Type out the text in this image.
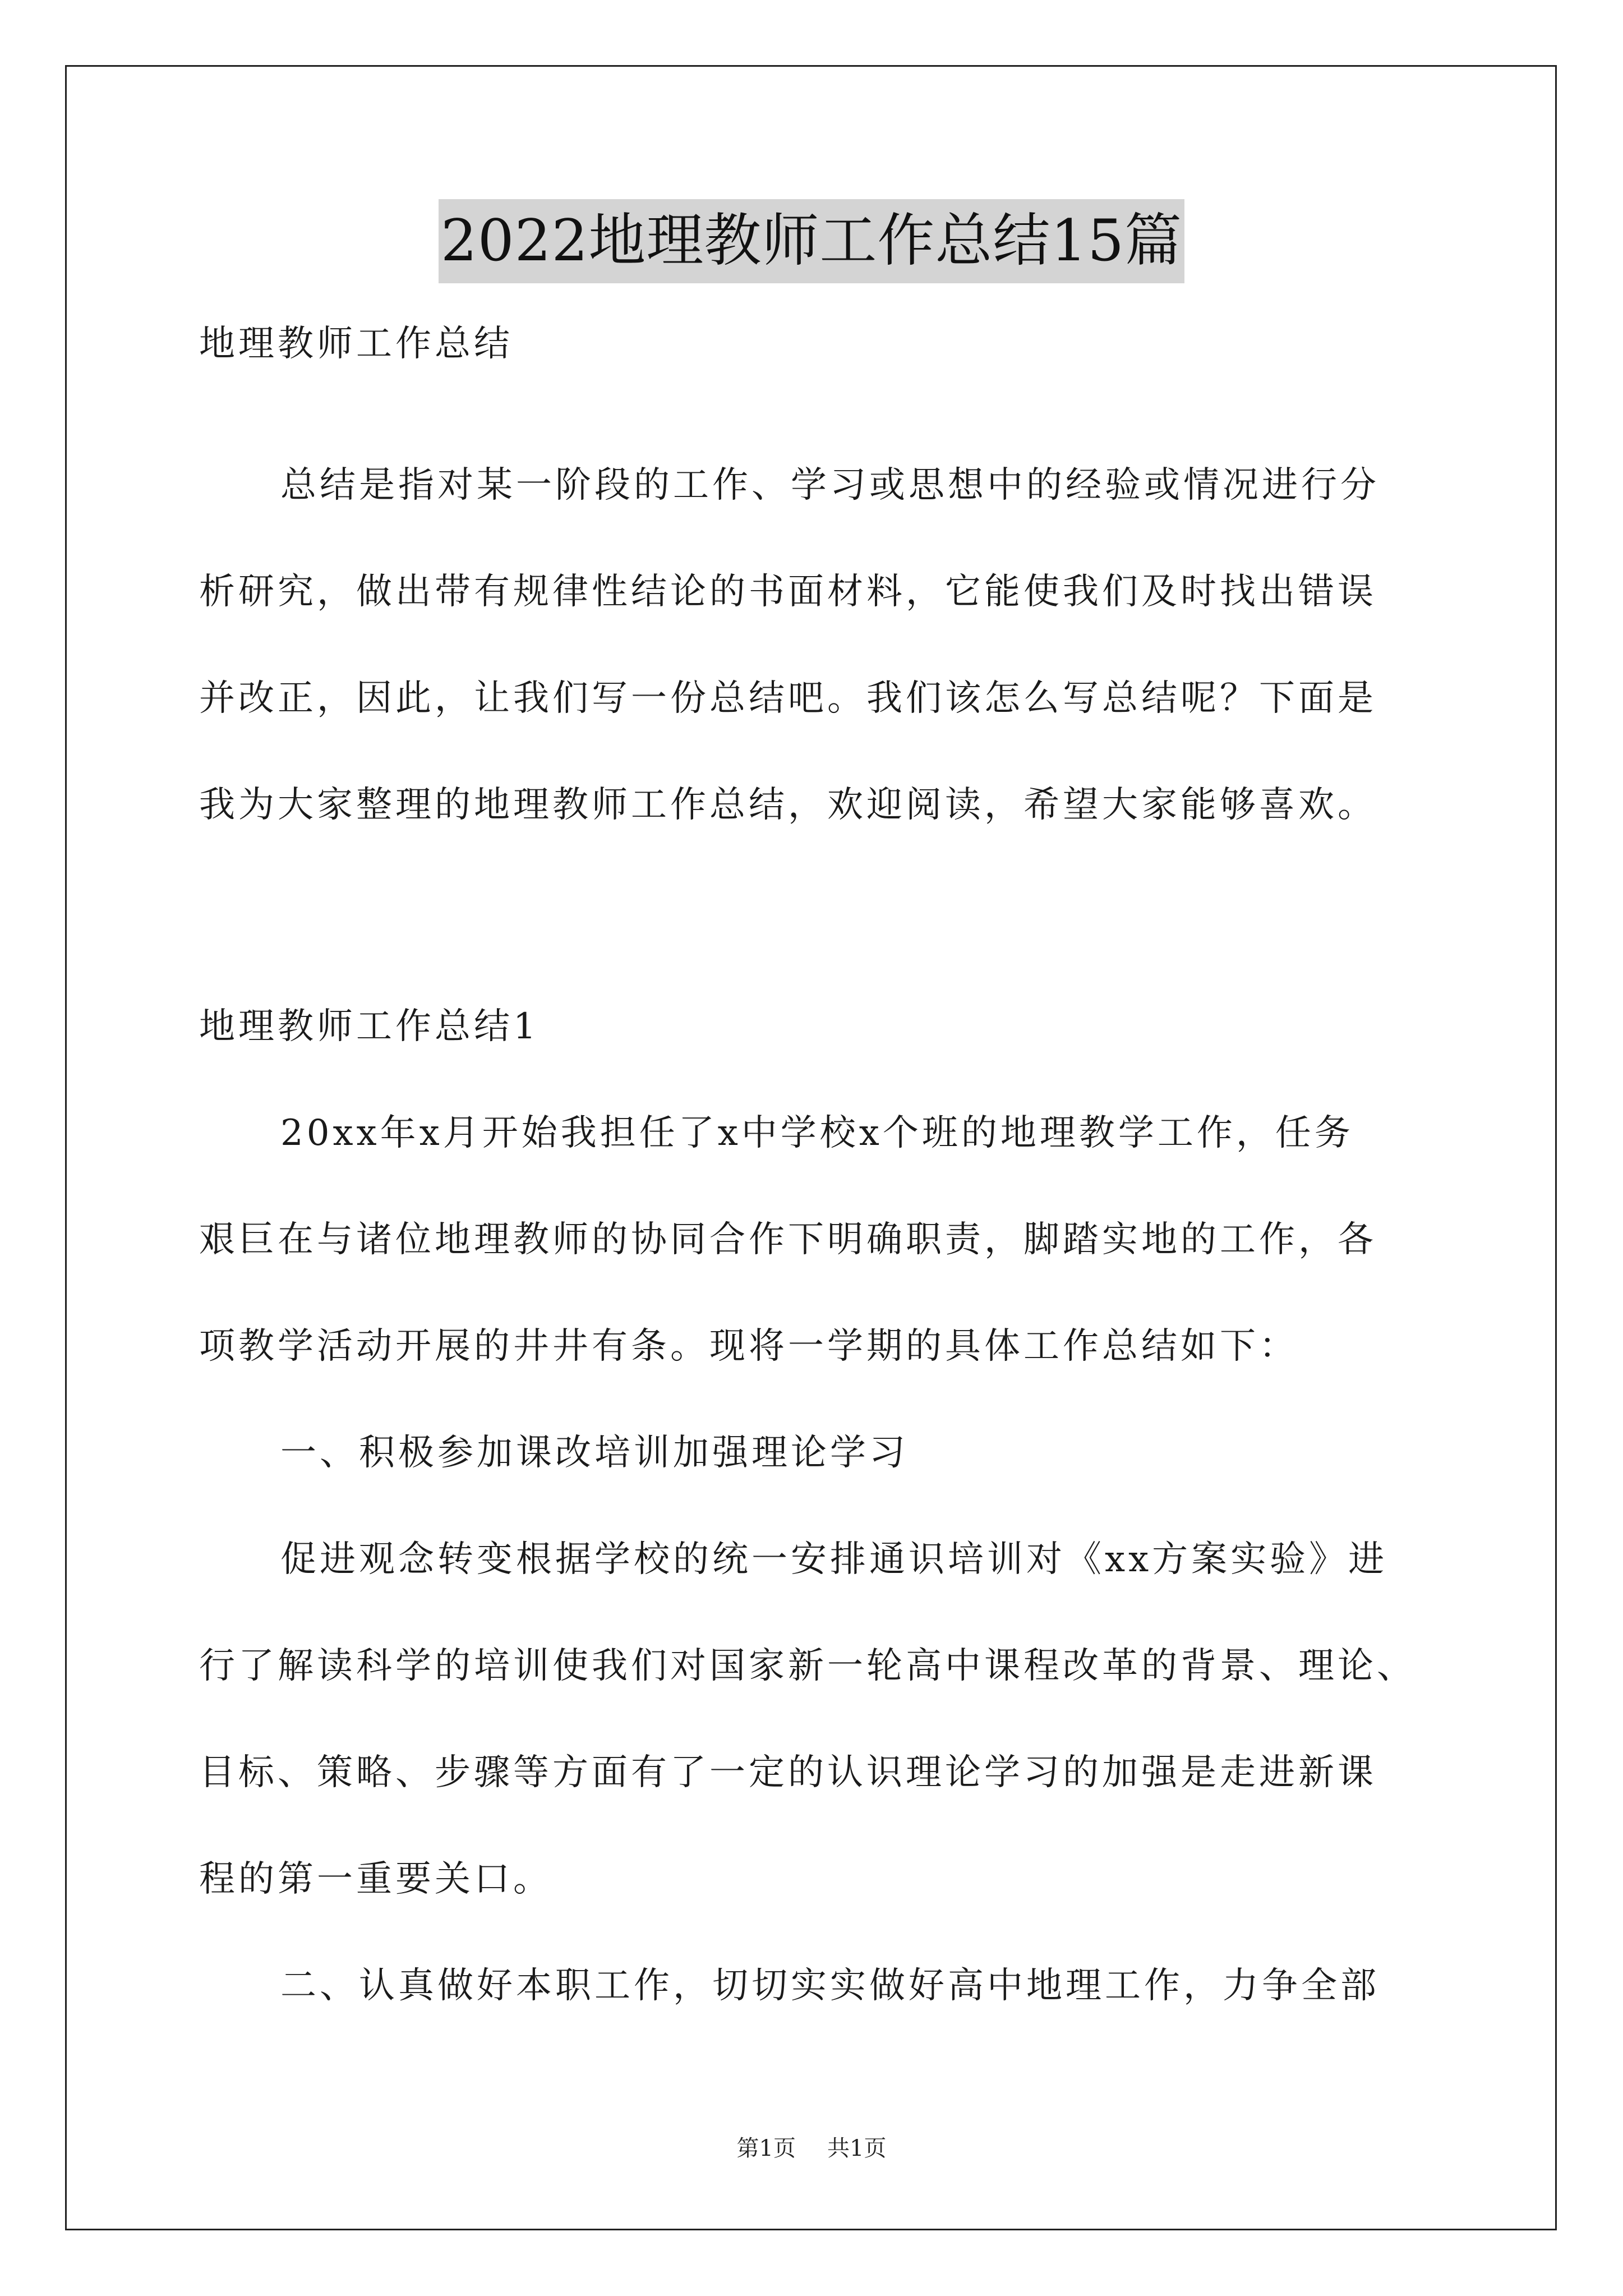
2022地理教师工作总结15篇
地理教师工作总结
总结是指对某一阶段的工作、学习或思想中的经验或情况进行分
析研究，做出带有规律性结论的书面材料，它能使我们及时找出错误
并改正，因此，让我们写一份总结吧。我们该怎么写总结呢？下面是
我为大家整理的地理教师工作总结，欢迎阅读，希望大家能够喜欢。
地理教师工作总结1
20xx年x月开始我担任了x中学校x个班的地理教学工作，任务
艰巨在与诸位地理教师的协同合作下明确职责，脚踏实地的工作，各
项教学活动开展的井井有条。现将一学期的具体工作总结如下：
一、积极参加课改培训加强理论学习
促进观念转变根据学校的统一安排通识培训对《xx方案实验》进
行了解读科学的培训使我们对国家新一轮高中课程改革的背景、理论、
目标、策略、步骤等方面有了一定的认识理论学习的加强是走进新课
程的第一重要关口。
二、认真做好本职工作，切切实实做好高中地理工作，力争全部
第1页 共1页
